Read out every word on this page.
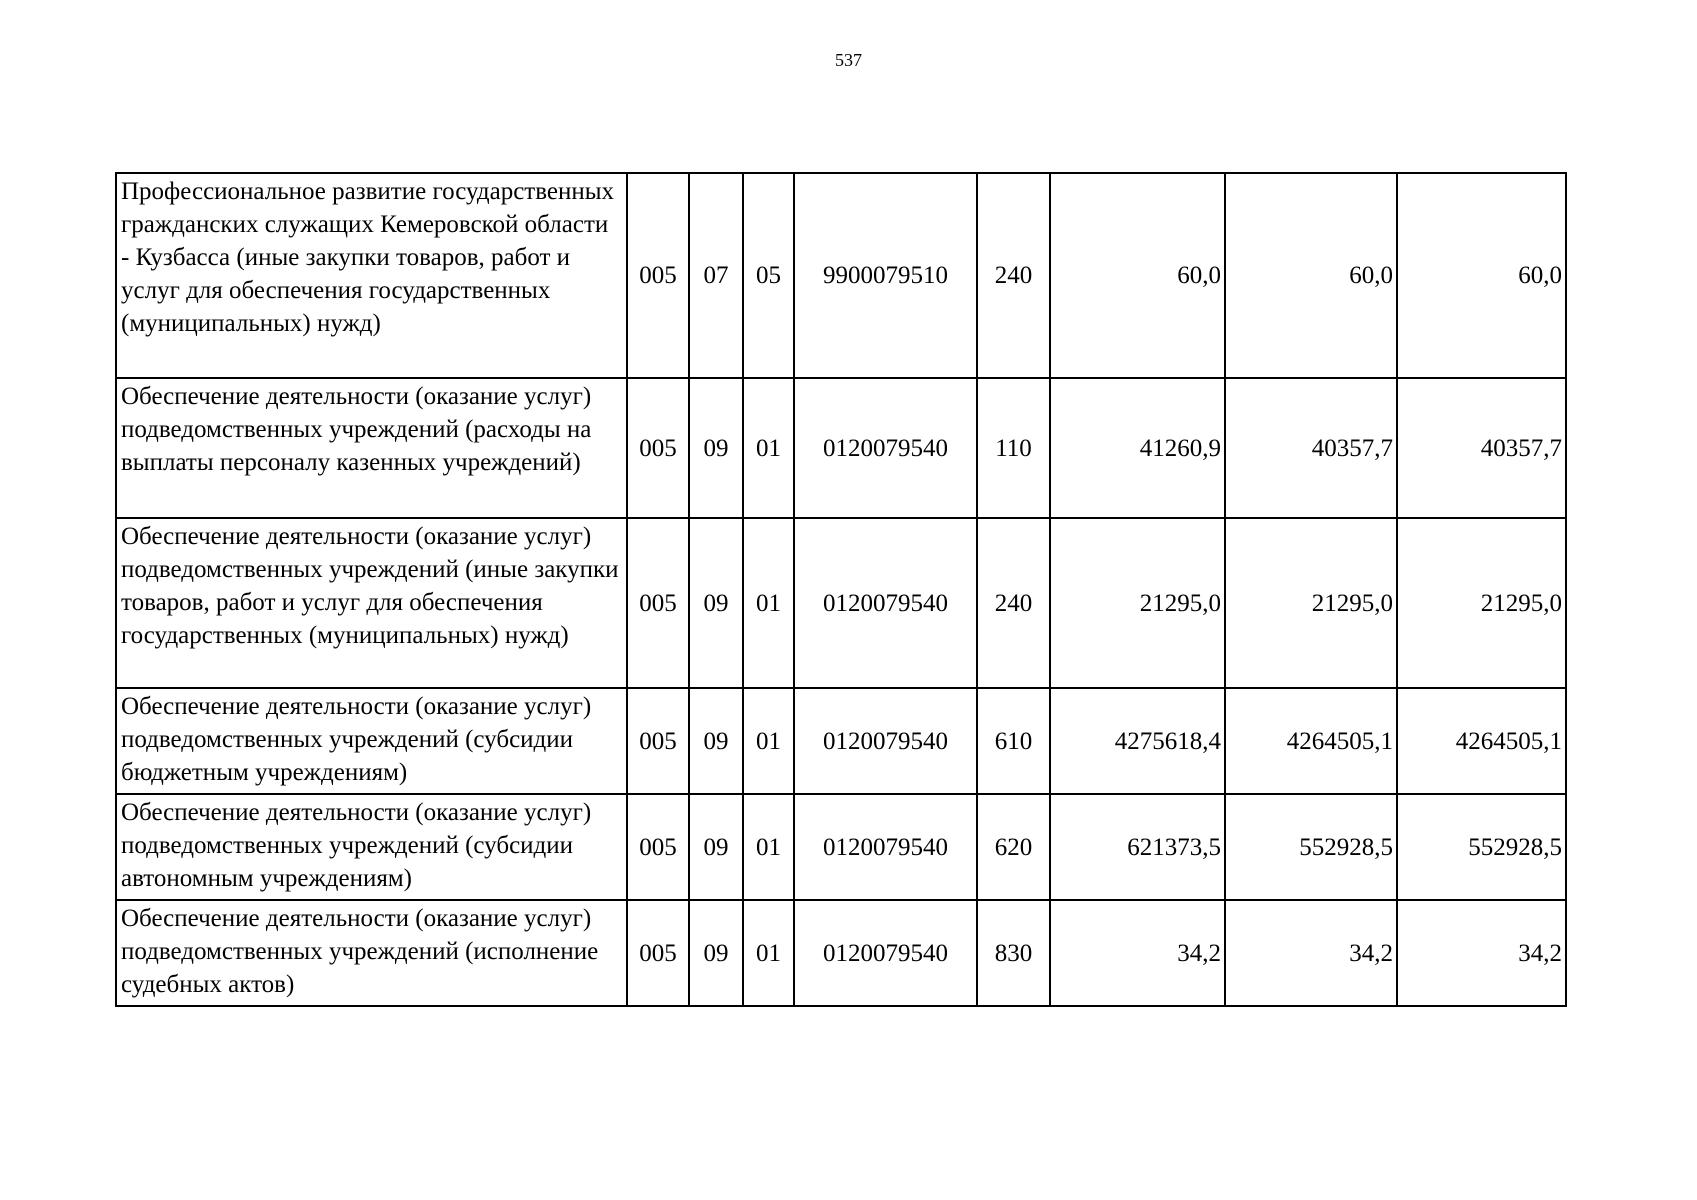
537
Профессиональное развитие государственных гражданских служащих Кемеровской области - Кузбасса (иные закупки товаров, работ и услуг для обеспечения государственных (муниципальных) нужд)	005	07	05	9900079510	240	60,0	60,0	60,0
Обеспечение деятельности (оказание услуг) подведомственных учреждений (расходы на выплаты персоналу казенных учреждений)	005	09	01	0120079540	110	41260,9	40357,7	40357,7
Обеспечение деятельности (оказание услуг) подведомственных учреждений (иные закупки товаров, работ и услуг для обеспечения государственных (муниципальных) нужд)	005	09	01	0120079540	240	21295,0	21295,0	21295,0
Обеспечение деятельности (оказание услуг) подведомственных учреждений (субсидии бюджетным учреждениям)	005	09	01	0120079540	610	4275618,4	4264505,1	4264505,1
Обеспечение деятельности (оказание услуг) подведомственных учреждений (субсидии автономным учреждениям)	005	09	01	0120079540	620	621373,5	552928,5	552928,5
Обеспечение деятельности (оказание услуг) подведомственных учреждений (исполнение судебных актов)	005	09	01	0120079540	830	34,2	34,2	34,2
